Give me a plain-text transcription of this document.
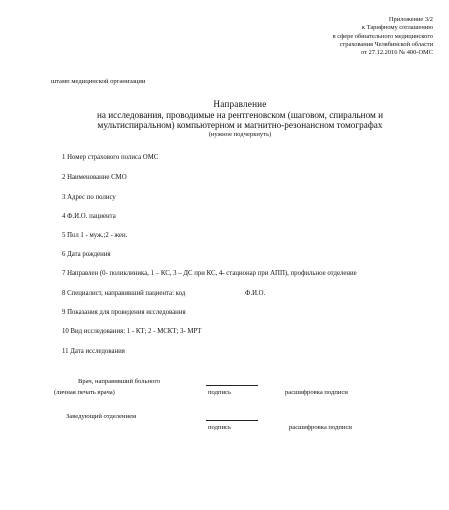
Приложение 3/2
к Тарифному соглашению
в сфере обязательного медицинского
страхования Челябинской области
от 27.12.2016 № 400-ОМС
штамп медицинской организации
Направление
на исследования, проводимые на рентгеновском (шаговом, спиральном и
мультиспиральном) компьютерном и магнитно-резонансном томографах
(нужное подчеркнуть)
1 Номер страхового полиса ОМС
2 Наименование СМО
3 Адрес по полису
4 Ф.И.О. пациента
5 Пол 1 - муж.;2 - жен.
6 Дата рождения
7 Направлен (0- поликлиника, 1 – КС, 3 – ДС при КС, 4- стационар при АПП), профильное отделение
8 Специалист, направивший пациента: код	Ф.И.О.
9 Показания для проведения исследования
10 Вид исследования: 1 - КТ; 2 - МСКТ; 3- МРТ
11 Дата исследования
Врач, направивший больного
(личная печать врача)	подпись	расшифровка подписи
Заведующий отделением
подпись	расшифровка подписи
